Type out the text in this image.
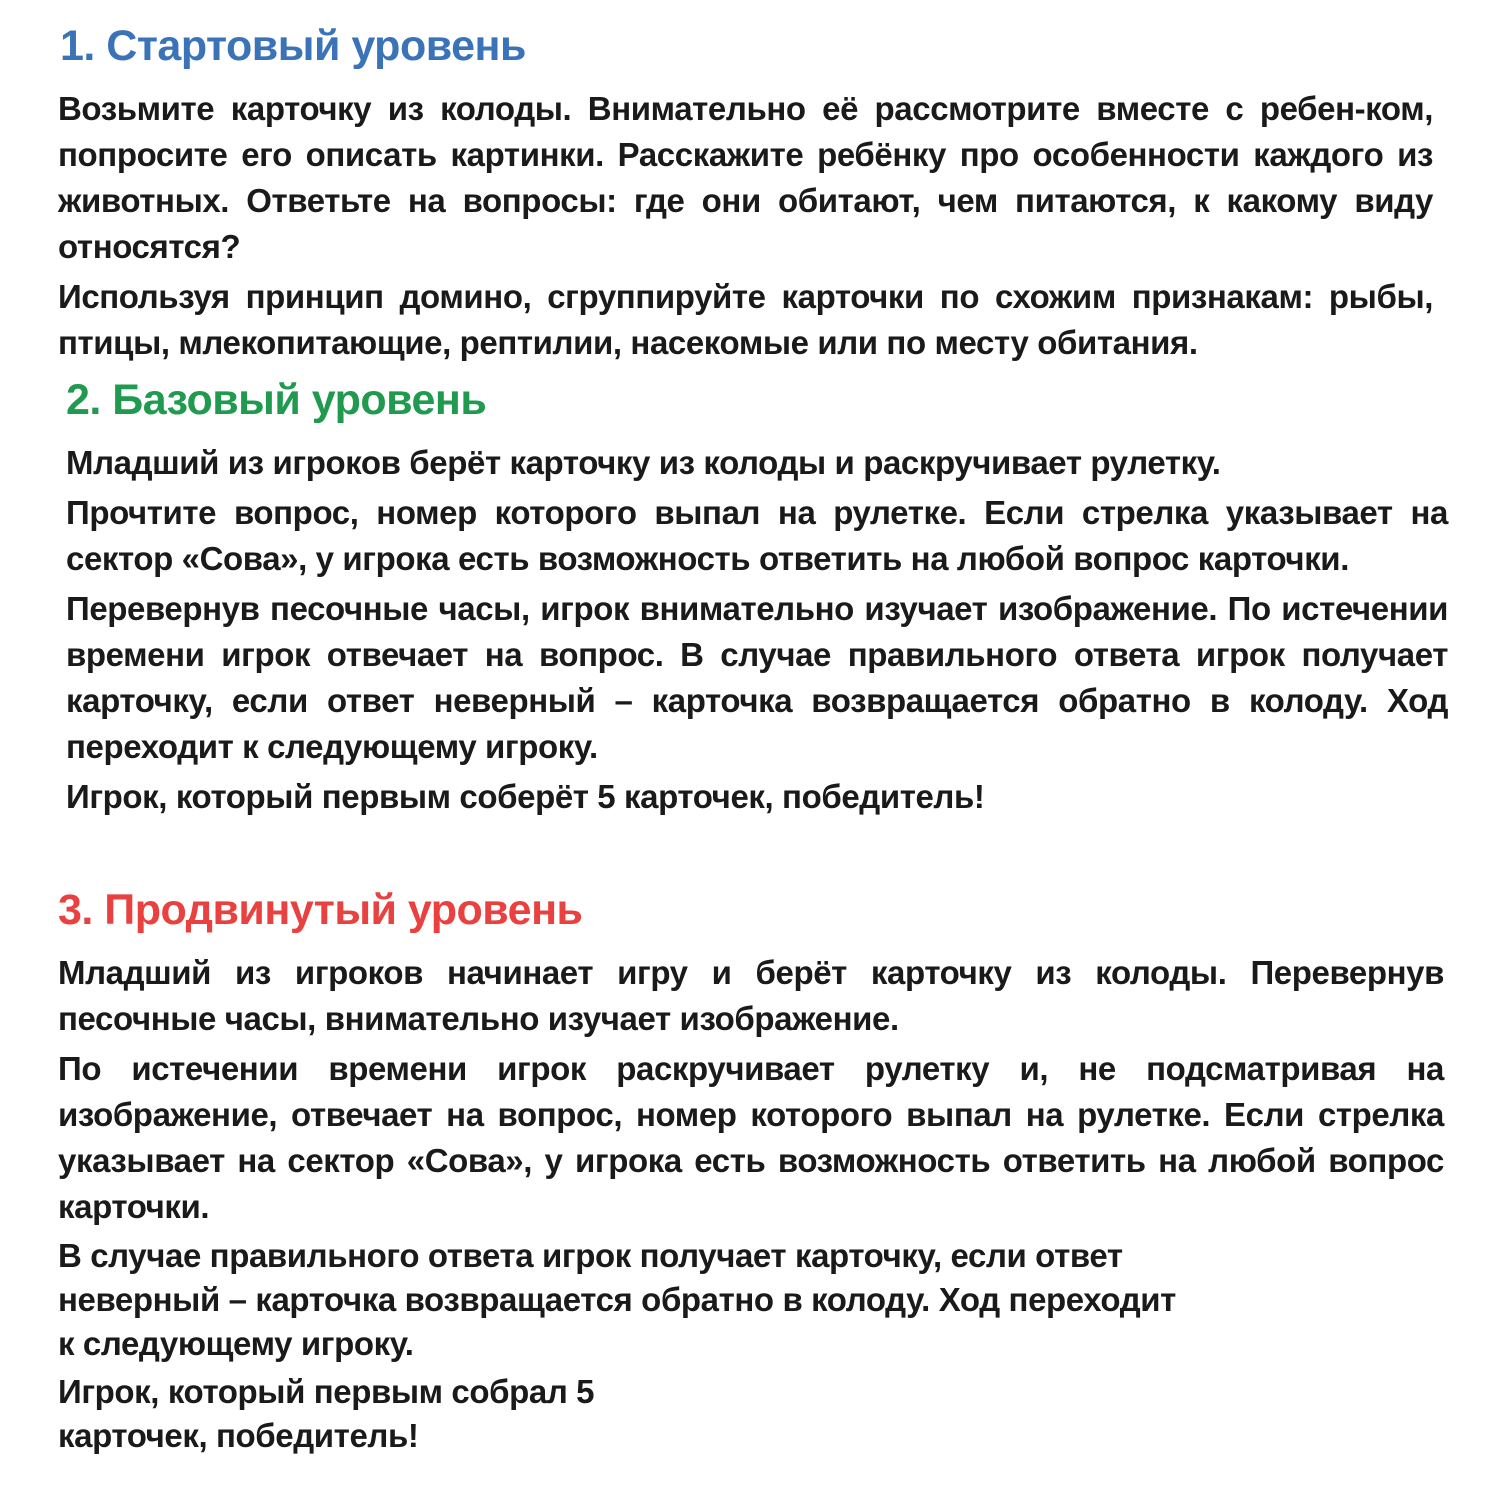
1. Стартовый уровень

Возьмите карточку из колоды. Внимательно её рассмотрите вместе с ребен-ком, попросите его описать картинки. Расскажите ребёнку про особенности каждого из животных. Ответьте на вопросы: где они обитают, чем питаются, к какому виду относятся?

Используя принцип домино, сгруппируйте карточки по схожим признакам: рыбы, птицы, млекопитающие, рептилии, насекомые или по месту обитания.

2. Базовый уровень

Младший из игроков берёт карточку из колоды и раскручивает рулетку.

Прочтите вопрос, номер которого выпал на рулетке. Если стрелка указывает на сектор «Сова», у игрока есть возможность ответить на любой вопрос карточки.

Перевернув песочные часы, игрок внимательно изучает изображение. По истечении времени игрок отвечает на вопрос. В случае правильного ответа игрок получает карточку, если ответ неверный – карточка возвращается обратно в колоду. Ход переходит к следующему игроку.

Игрок, который первым соберёт 5 карточек, победитель!

3. Продвинутый уровень

Младший из игроков начинает игру и берёт карточку из колоды. Перевернув песочные часы, внимательно изучает изображение.

По истечении времени игрок раскручивает рулетку и, не подсматривая на изображение, отвечает на вопрос, номер которого выпал на рулетке. Если стрелка указывает на сектор «Сова», у игрока есть возможность ответить на любой вопрос карточки.

В случае правильного ответа игрок получает карточку, если ответ
неверный – карточка возвращается обратно в колоду. Ход переходит
к следующему игроку.

Игрок, который первым собрал 5
карточек, победитель!
